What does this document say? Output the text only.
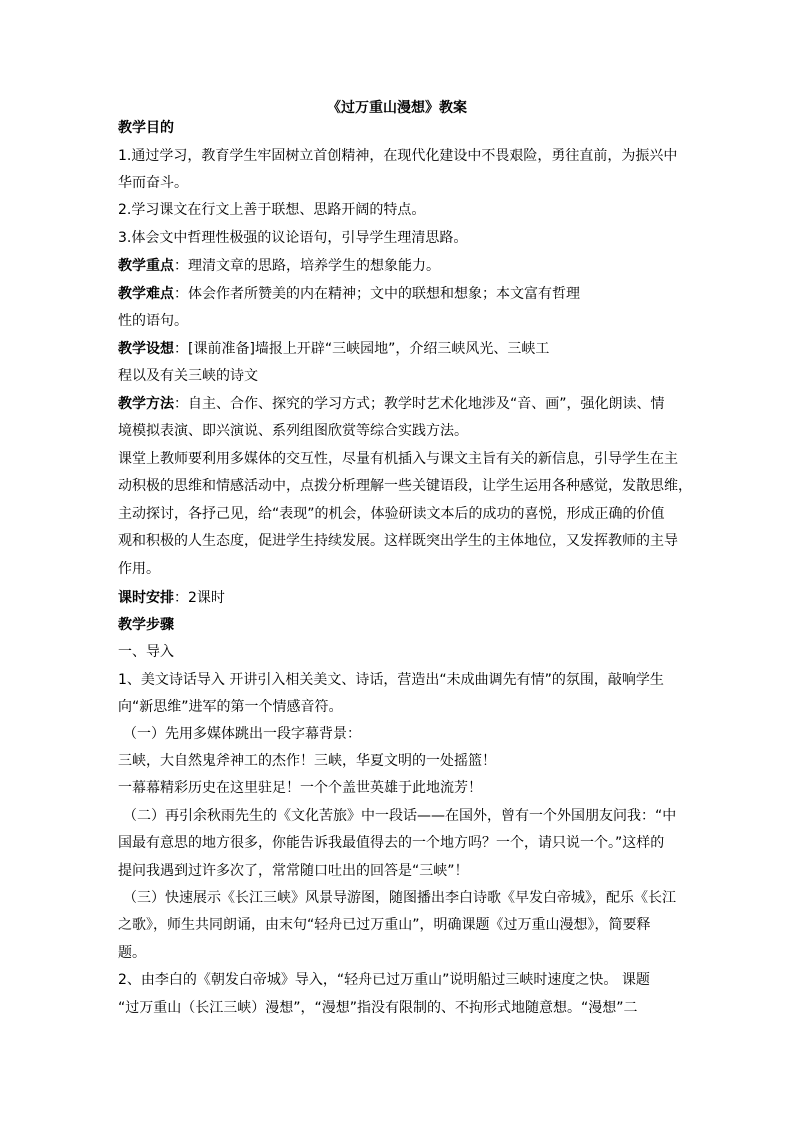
《过万重山漫想》教案
教学目的
1.通过学习，教育学生牢固树立首创精神，在现代化建设中不畏艰险，勇往直前，为振兴中
华而奋斗。
2.学习课文在行文上善于联想、思路开阔的特点。
3.体会文中哲理性极强的议论语句，引导学生理清思路。
教学重点：理清文章的思路，培养学生的想象能力。
教学难点：体会作者所赞美的内在精神；文中的联想和想象；本文富有哲理
性的语句。
教学设想：[课前准备]墙报上开辟“三峡园地”，介绍三峡风光、三峡工
程以及有关三峡的诗文
教学方法：自主、合作、探究的学习方式；教学时艺术化地涉及“音、画”，强化朗读、情
境模拟表演、即兴演说、系列组图欣赏等综合实践方法。
课堂上教师要利用多媒体的交互性，尽量有机插入与课文主旨有关的新信息，引导学生在主
动积极的思维和情感活动中，点拨分析理解一些关键语段，让学生运用各种感觉，发散思维，
主动探讨，各抒己见，给“表现”的机会，体验研读文本后的成功的喜悦，形成正确的价值
观和积极的人生态度，促进学生持续发展。这样既突出学生的主体地位，又发挥教师的主导
作用。
课时安排：2课时
教学步骤
一、导入
1、美文诗话导入 开讲引入相关美文、诗话，营造出“未成曲调先有情”的氛围，敲响学生
向“新思维”进军的第一个情感音符。
（一）先用多媒体跳出一段字幕背景：
三峡，大自然鬼斧神工的杰作！三峡，华夏文明的一处摇篮！
一幕幕精彩历史在这里驻足！一个个盖世英雄于此地流芳！
（二）再引余秋雨先生的《文化苦旅》中一段话——在国外，曾有一个外国朋友问我：“中
国最有意思的地方很多，你能告诉我最值得去的一个地方吗？一个，请只说一个。”这样的
提问我遇到过许多次了，常常随口吐出的回答是“三峡”！
（三）快速展示《长江三峡》风景导游图，随图播出李白诗歌《早发白帝城》，配乐《长江
之歌》，师生共同朗诵，由末句“轻舟已过万重山”，明确课题《过万重山漫想》，简要释
题。
2、由李白的《朝发白帝城》导入，“轻舟已过万重山”说明船过三峡时速度之快。 课题
“过万重山（长江三峡）漫想”，“漫想”指没有限制的、不拘形式地随意想。“漫想”二
